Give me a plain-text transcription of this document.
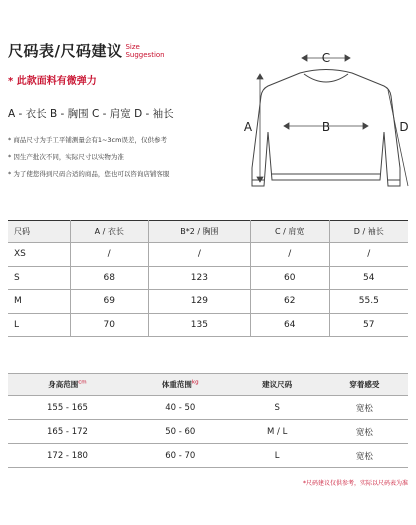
尺码表/尺码建议 Size
Suggestion
* 此款面料有微弹力
A - 衣长 B - 胸围 C - 肩宽 D - 袖长
* 商品尺寸为手工平铺测量会有1~3cm误差，仅供参考
* 因生产批次不同，实际尺寸以实物为准
* 为了使您得到尺码合适的商品，您也可以咨询店铺客服
C
A	B	D
尺码	A / 衣长	B*2 / 胸围	C / 肩宽	D / 袖长
XS	/	/	/	/
S	68	123	60	54
M	69	129	62	55.5
L	70	135	64	57
身高范围$^{cm}$	体重范围$^{kg}$	建议尺码	穿着感受
155 - 165	40 - 50	S	宽松
165 - 172	50 - 60	M / L	宽松
172 - 180	60 - 70	L	宽松
*尺码建议仅供参考，实际以尺码表为准
